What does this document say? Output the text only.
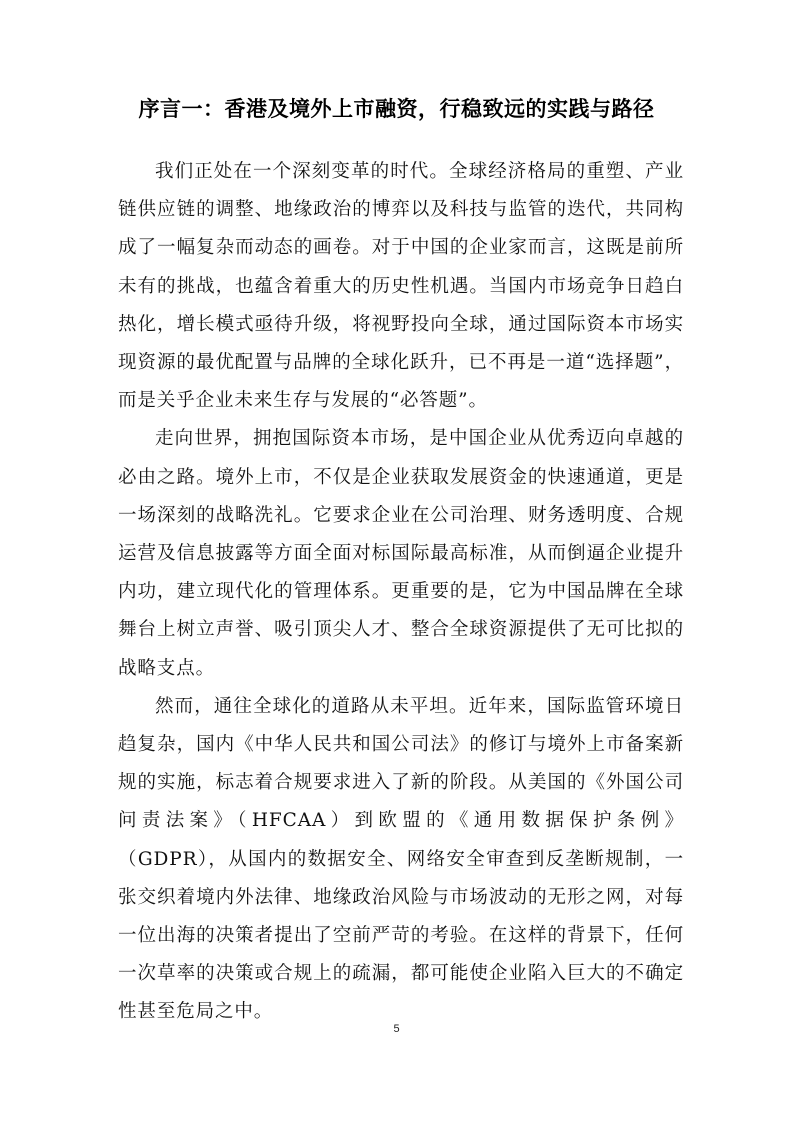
序言一：香港及境外上市融资，行稳致远的实践与路径

我们正处在一个深刻变革的时代。全球经济格局的重塑、产业链供应链的调整、地缘政治的博弈以及科技与监管的迭代，共同构成了一幅复杂而动态的画卷。对于中国的企业家而言，这既是前所未有的挑战，也蕴含着重大的历史性机遇。当国内市场竞争日趋白热化，增长模式亟待升级，将视野投向全球，通过国际资本市场实现资源的最优配置与品牌的全球化跃升，已不再是一道“选择题”，而是关乎企业未来生存与发展的“必答题”。

走向世界，拥抱国际资本市场，是中国企业从优秀迈向卓越的必由之路。境外上市，不仅是企业获取发展资金的快速通道，更是一场深刻的战略洗礼。它要求企业在公司治理、财务透明度、合规运营及信息披露等方面全面对标国际最高标准，从而倒逼企业提升内功，建立现代化的管理体系。更重要的是，它为中国品牌在全球舞台上树立声誉、吸引顶尖人才、整合全球资源提供了无可比拟的战略支点。

然而，通往全球化的道路从未平坦。近年来，国际监管环境日趋复杂，国内《中华人民共和国公司法》的修订与境外上市备案新规的实施，标志着合规要求进入了新的阶段。从美国的《外国公司问责法案》（HFCAA）到欧盟的《通用数据保护条例》（GDPR），从国内的数据安全、网络安全审查到反垄断规制，一张交织着境内外法律、地缘政治风险与市场波动的无形之网，对每一位出海的决策者提出了空前严苛的考验。在这样的背景下，任何一次草率的决策或合规上的疏漏，都可能使企业陷入巨大的不确定性甚至危局之中。

5
